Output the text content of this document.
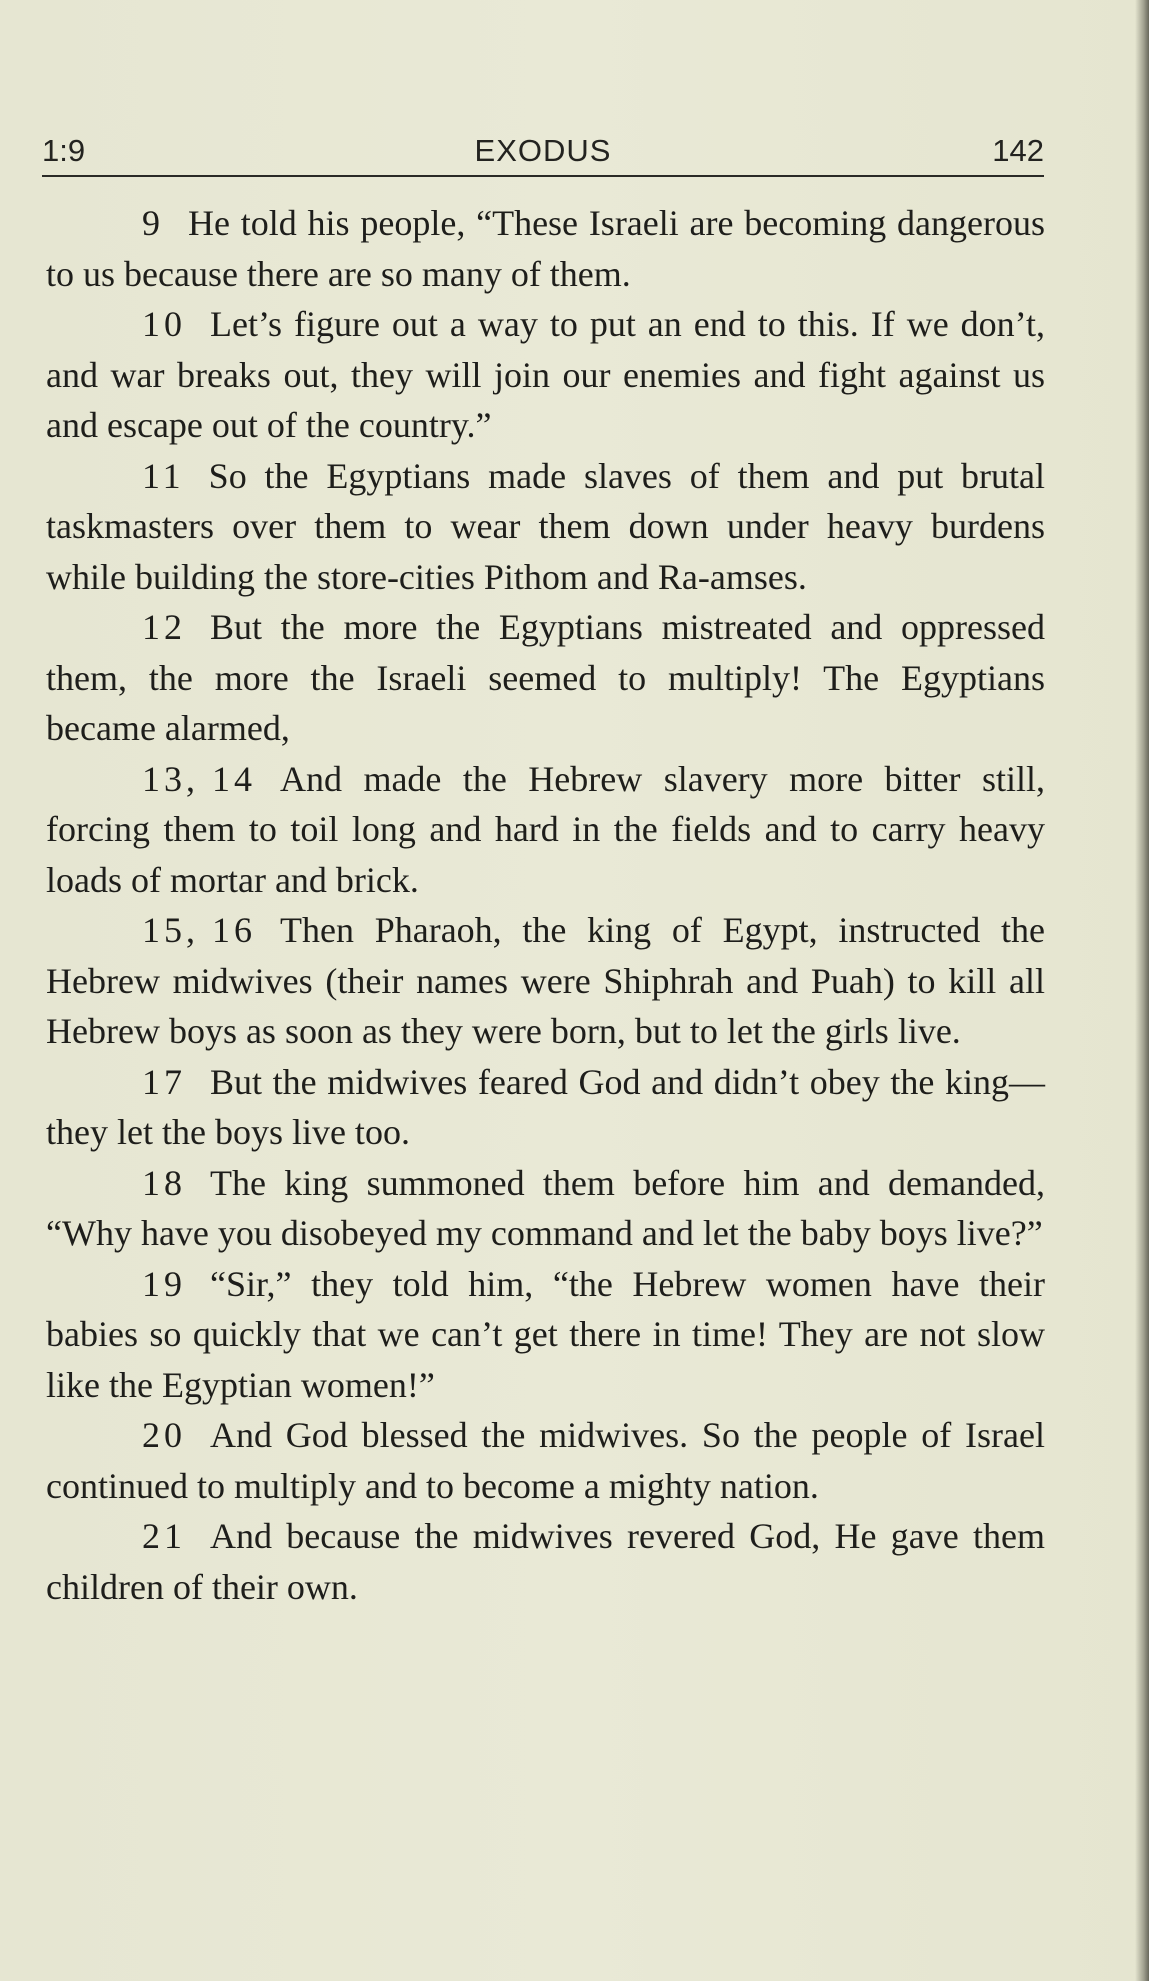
1:9	EXODUS	142

9 He told his people, “These Israeli are becoming dangerous to us because there are so many of them.

10 Let’s figure out a way to put an end to this. If we don’t, and war breaks out, they will join our enemies and fight against us and escape out of the country.”

11 So the Egyptians made slaves of them and put brutal taskmasters over them to wear them down under heavy burdens while building the store-cities Pithom and Ra-amses.

12 But the more the Egyptians mistreated and oppressed them, the more the Israeli seemed to multiply! The Egyptians became alarmed,

13, 14 And made the Hebrew slavery more bitter still, forcing them to toil long and hard in the fields and to carry heavy loads of mortar and brick.

15, 16 Then Pharaoh, the king of Egypt, instructed the Hebrew midwives (their names were Shiphrah and Puah) to kill all Hebrew boys as soon as they were born, but to let the girls live.

17 But the midwives feared God and didn’t obey the king—they let the boys live too.

18 The king summoned them before him and demanded, “Why have you disobeyed my command and let the baby boys live?”

19 “Sir,” they told him, “the Hebrew women have their babies so quickly that we can’t get there in time! They are not slow like the Egyptian women!”

20 And God blessed the midwives. So the people of Israel continued to multiply and to become a mighty nation.

21 And because the midwives revered God, He gave them children of their own.
